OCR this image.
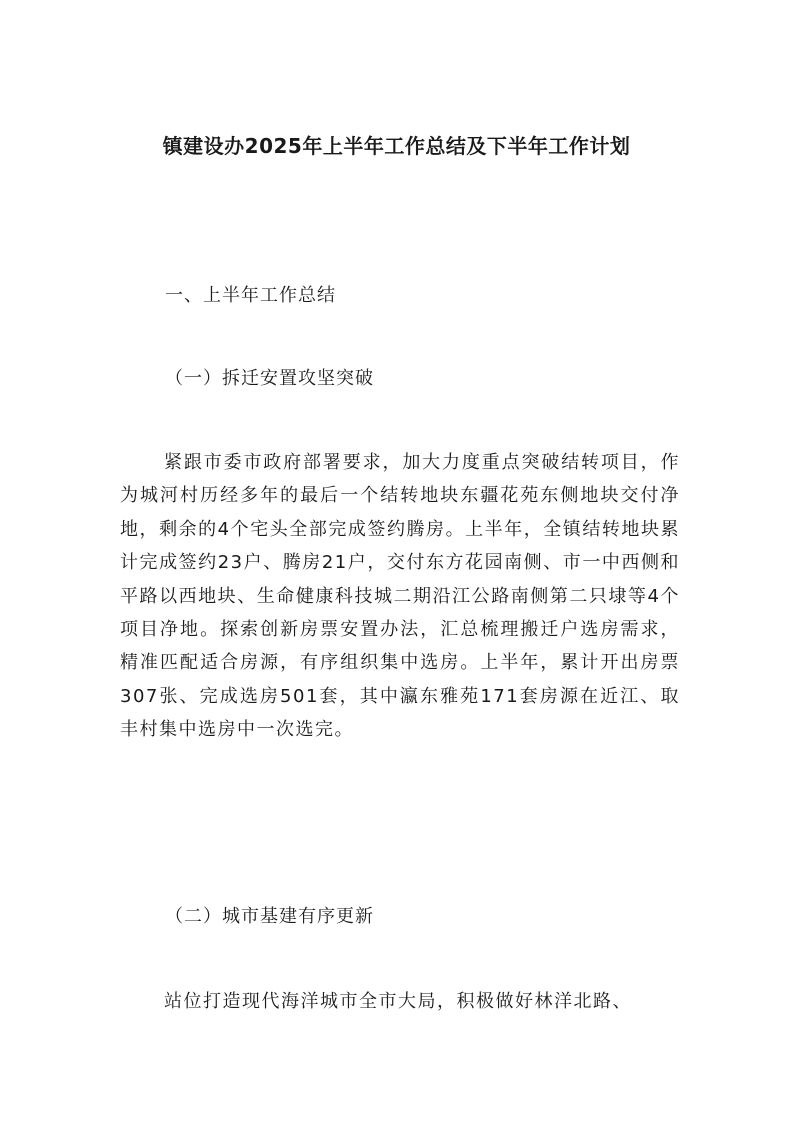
镇建设办2025年上半年工作总结及下半年工作计划
一、上半年工作总结
（一）拆迁安置攻坚突破

紧跟市委市政府部署要求，加大力度重点突破结转项目，作为城河村历经多年的最后一个结转地块东疆花苑东侧地块交付净地，剩余的4个宅头全部完成签约腾房。上半年，全镇结转地块累计完成签约23户、腾房21户，交付东方花园南侧、市一中西侧和平路以西地块、生命健康科技城二期沿江公路南侧第二只埭等4个项目净地。探索创新房票安置办法，汇总梳理搬迁户选房需求，精准匹配适合房源，有序组织集中选房。上半年，累计开出房票307张、完成选房501套，其中瀛东雅苑171套房源在近江、取丰村集中选房中一次选完。

（二）城市基建有序更新

站位打造现代海洋城市全市大局，积极做好林洋北路、
